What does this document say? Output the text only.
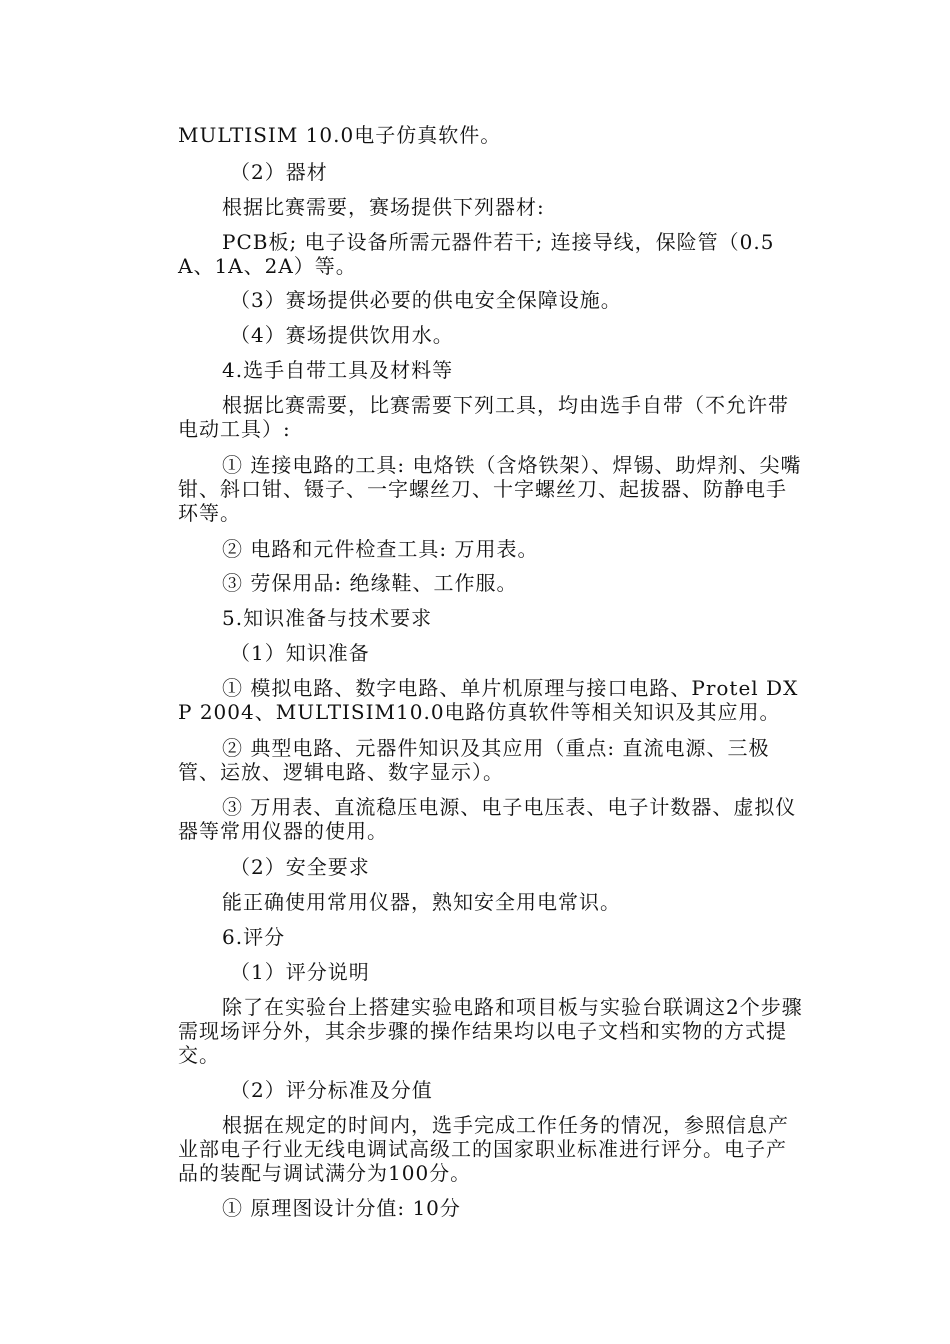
MULTISIM 10.0电子仿真软件。

（2）器材

根据比赛需要，赛场提供下列器材:

PCB板; 电子设备所需元器件若干; 连接导线，保险管（0.5A、1A、2A）等。

（3）赛场提供必要的供电安全保障设施。

（4）赛场提供饮用水。

4.选手自带工具及材料等

根据比赛需要，比赛需要下列工具，均由选手自带（不允许带电动工具）:

① 连接电路的工具: 电烙铁（含烙铁架）、焊锡、助焊剂、尖嘴钳、斜口钳、镊子、一字螺丝刀、十字螺丝刀、起拔器、防静电手环等。

② 电路和元件检查工具: 万用表。

③ 劳保用品: 绝缘鞋、工作服。

5.知识准备与技术要求

（1）知识准备

① 模拟电路、数字电路、单片机原理与接口电路、Protel DXP 2004、MULTISIM10.0电路仿真软件等相关知识及其应用。

② 典型电路、元器件知识及其应用（重点: 直流电源、三极管、运放、逻辑电路、数字显示）。

③ 万用表、直流稳压电源、电子电压表、电子计数器、虚拟仪器等常用仪器的使用。

（2）安全要求

能正确使用常用仪器，熟知安全用电常识。

6.评分

（1）评分说明

除了在实验台上搭建实验电路和项目板与实验台联调这2个步骤需现场评分外，其余步骤的操作结果均以电子文档和实物的方式提交。

（2）评分标准及分值

根据在规定的时间内，选手完成工作任务的情况，参照信息产业部电子行业无线电调试高级工的国家职业标准进行评分。电子产品的装配与调试满分为100分。

① 原理图设计分值: 10分
